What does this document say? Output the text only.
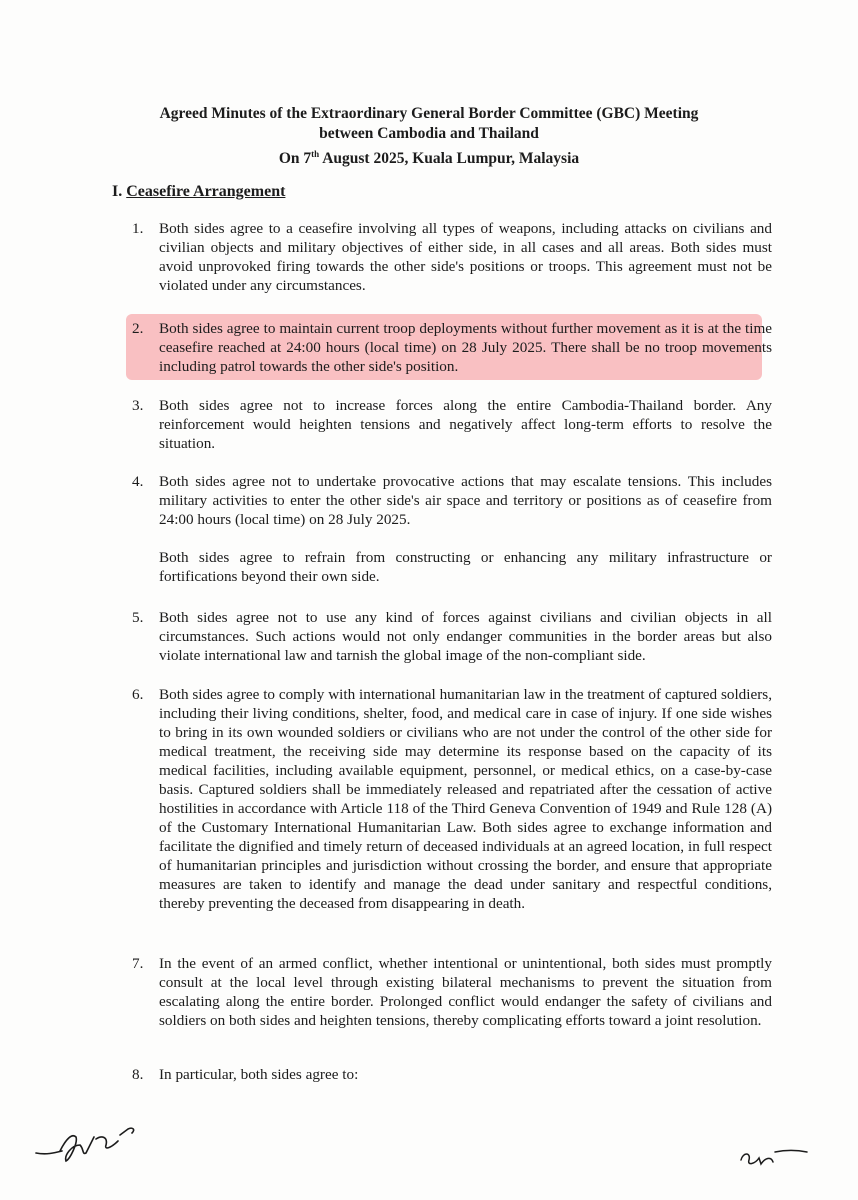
Agreed Minutes of the Extraordinary General Border Committee (GBC) Meeting
between Cambodia and Thailand
On 7th August 2025, Kuala Lumpur, Malaysia
I. Ceasefire Arrangement
1.	Both sides agree to a ceasefire involving all types of weapons, including attacks on civilians and civilian objects and military objectives of either side, in all cases and all areas. Both sides must avoid unprovoked firing towards the other side's positions or troops. This agreement must not be violated under any circumstances.
2.	Both sides agree to maintain current troop deployments without further movement as it is at the time ceasefire reached at 24:00 hours (local time) on 28 July 2025. There shall be no troop movements including patrol towards the other side's position.
3.	Both sides agree not to increase forces along the entire Cambodia-Thailand border. Any reinforcement would heighten tensions and negatively affect long-term efforts to resolve the situation.
4.	Both sides agree not to undertake provocative actions that may escalate tensions. This includes military activities to enter the other side's air space and territory or positions as of ceasefire from 24:00 hours (local time) on 28 July 2025.
Both sides agree to refrain from constructing or enhancing any military infrastructure or fortifications beyond their own side.
5.	Both sides agree not to use any kind of forces against civilians and civilian objects in all circumstances. Such actions would not only endanger communities in the border areas but also violate international law and tarnish the global image of the non-compliant side.
6.	Both sides agree to comply with international humanitarian law in the treatment of captured soldiers, including their living conditions, shelter, food, and medical care in case of injury. If one side wishes to bring in its own wounded soldiers or civilians who are not under the control of the other side for medical treatment, the receiving side may determine its response based on the capacity of its medical facilities, including available equipment, personnel, or medical ethics, on a case-by-case basis. Captured soldiers shall be immediately released and repatriated after the cessation of active hostilities in accordance with Article 118 of the Third Geneva Convention of 1949 and Rule 128 (A) of the Customary International Humanitarian Law. Both sides agree to exchange information and facilitate the dignified and timely return of deceased individuals at an agreed location, in full respect of humanitarian principles and jurisdiction without crossing the border, and ensure that appropriate measures are taken to identify and manage the dead under sanitary and respectful conditions, thereby preventing the deceased from disappearing in death.
7.	In the event of an armed conflict, whether intentional or unintentional, both sides must promptly consult at the local level through existing bilateral mechanisms to prevent the situation from escalating along the entire border. Prolonged conflict would endanger the safety of civilians and soldiers on both sides and heighten tensions, thereby complicating efforts toward a joint resolution.
8.	In particular, both sides agree to:
